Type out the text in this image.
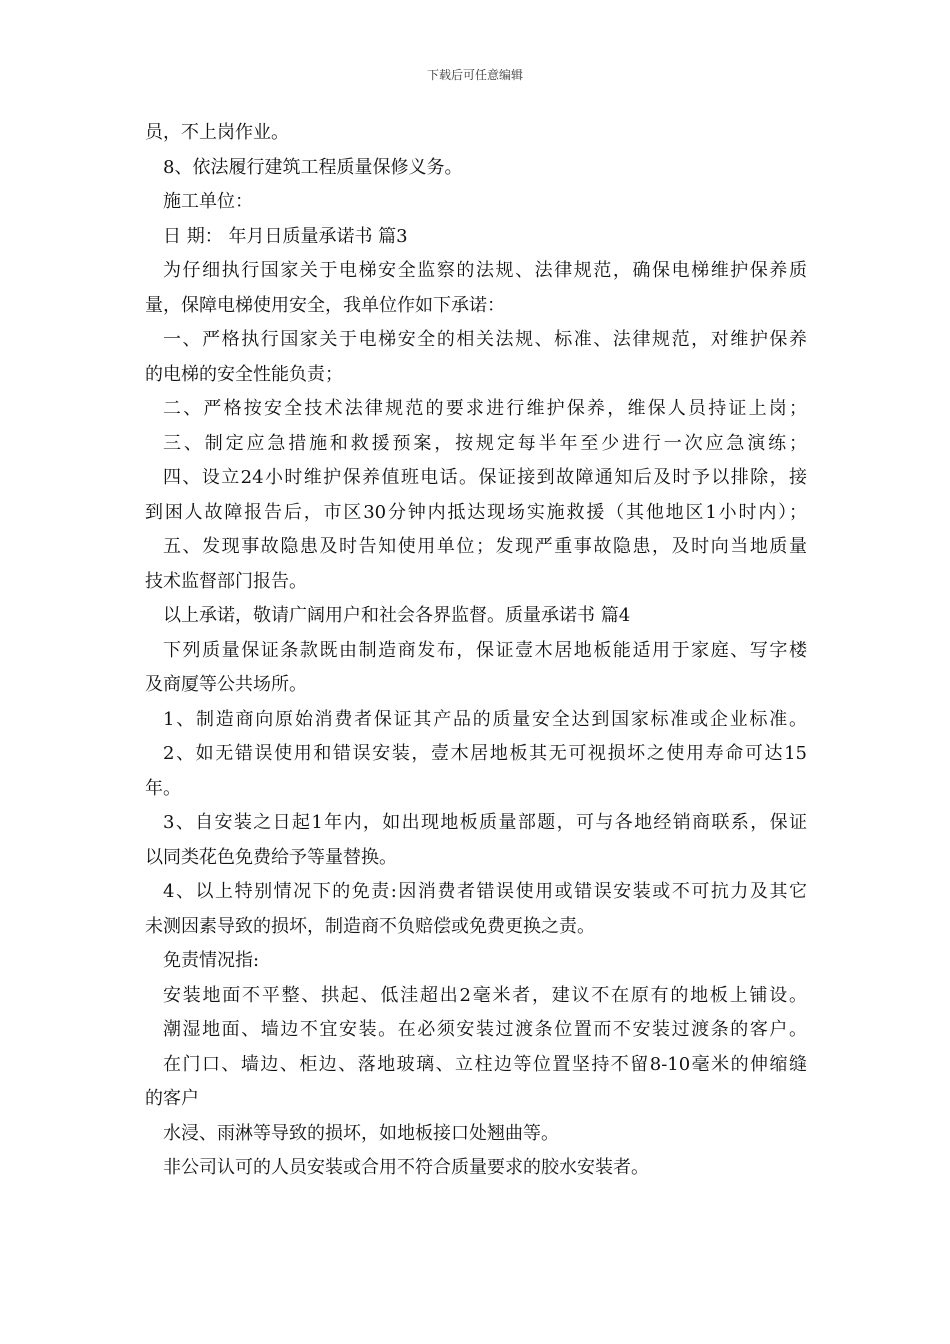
下载后可任意编辑

员，不上岗作业。

8、依法履行建筑工程质量保修义务。

施工单位：

日 期： 年月日质量承诺书 篇3

为仔细执行国家关于电梯安全监察的法规、法律规范，确保电梯维护保养质

量，保障电梯使用安全，我单位作如下承诺：

一、严格执行国家关于电梯安全的相关法规、标准、法律规范，对维护保养

的电梯的安全性能负责；

二、严格按安全技术法律规范的要求进行维护保养，维保人员持证上岗；

三、制定应急措施和救援预案，按规定每半年至少进行一次应急演练；

四、设立24小时维护保养值班电话。保证接到故障通知后及时予以排除，接

到困人故障报告后，市区30分钟内抵达现场实施救援（其他地区1小时内）；

五、发现事故隐患及时告知使用单位；发现严重事故隐患，及时向当地质量

技术监督部门报告。

以上承诺，敬请广阔用户和社会各界监督。质量承诺书 篇4

下列质量保证条款既由制造商发布，保证壹木居地板能适用于家庭、写字楼

及商厦等公共场所。

1、制造商向原始消费者保证其产品的质量安全达到国家标准或企业标准。

2、如无错误使用和错误安装，壹木居地板其无可视损坏之使用寿命可达15

年。

3、自安装之日起1年内，如出现地板质量部题，可与各地经销商联系，保证

以同类花色免费给予等量替换。

4、以上特别情况下的免责:因消费者错误使用或错误安装或不可抗力及其它

未测因素导致的损坏，制造商不负赔偿或免费更换之责。

免责情况指:

安装地面不平整、拱起、低洼超出2毫米者，建议不在原有的地板上铺设。

潮湿地面、墙边不宜安装。在必须安装过渡条位置而不安装过渡条的客户。

在门口、墙边、柜边、落地玻璃、立柱边等位置坚持不留8-10毫米的伸缩缝

的客户

水浸、雨淋等导致的损坏，如地板接口处翘曲等。

非公司认可的人员安装或合用不符合质量要求的胶水安装者。
